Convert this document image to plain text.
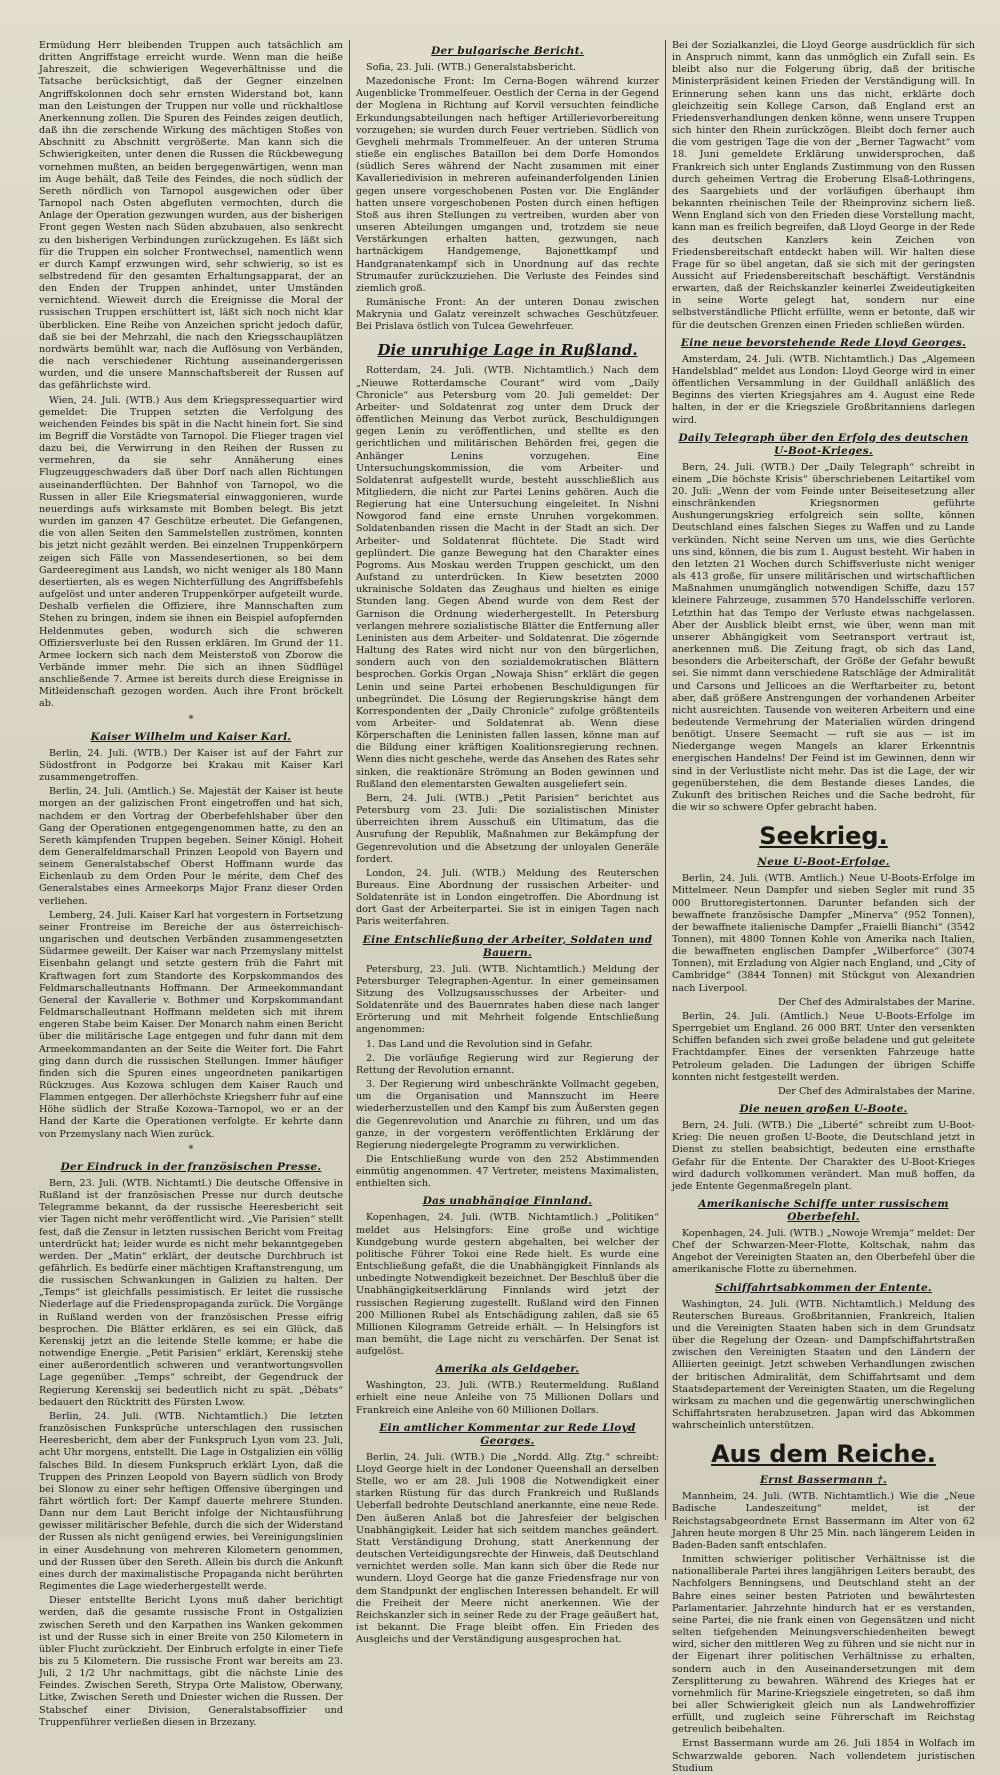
Ermüdung Herr bleibenden Truppen auch tatsächlich am dritten Angriffstage erreicht wurde. Wenn man die heiße Jahreszeit, die schwierigen Wegeverhältnisse und die Tatsache berücksichtigt, daß der Gegner einzelnen Angriffskolonnen doch sehr ernsten Widerstand bot, kann man den Leistungen der Truppen nur volle und rückhaltlose Anerkennung zollen. Die Spuren des Feindes zeigen deutlich, daß ihn die zerschende Wirkung des mächtigen Stoßes von Abschnitt zu Abschnitt vergrößerte. Man kann sich die Schwierigkeiten, unter denen die Russen die Rückbewegung vornehmen mußten, an beiden bergegenwärtigen, wenn man im Auge behält, daß Teile des Feindes, die noch südlich der Sereth nördlich von Tarnopol ausgewichen oder über Tarnopol nach Osten abgefluten vermochten, durch die Anlage der Operation gezwungen wurden, aus der bisherigen Front gegen Westen nach Süden abzubauen, also senkrecht zu den bisherigen Verbindungen zurückzugehen. Es läßt sich für die Truppen ein solcher Frontwechsel, namentlich wenn er durch Kampf erzwungen wird, sehr schwierig, so ist es selbstredend für den gesamten Erhaltungsapparat, der an den Enden der Truppen anhindet, unter Umständen vernichtend. Wieweit durch die Ereignisse die Moral der russischen Truppen erschüttert ist, läßt sich noch nicht klar überblicken. Eine Reihe von Anzeichen spricht jedoch dafür, daß sie bei der Mehrzahl, die nach den Kriegsschauplätzen nordwärts bemühlt war, nach die Auflösung von Verbänden, die nach verschiedener Richtung auseinandergerissen wurden, und die unsere Mannschaftsbereit der Russen auf das gefährlichste wird.

Wien, 24. Juli. (WTB.) Aus dem Kriegspressequartier wird gemeldet: Die Truppen setzten die Verfolgung des weichenden Feindes bis spät in die Nacht hinein fort. Sie sind im Begriff die Vorstädte von Tarnopol. Die Flieger tragen viel dazu bei, die Verwirrung in den Reihen der Russen zu vermehren, da sie sehr Annäherung eines Flugzeuggeschwaders daß über Dorf nach allen Richtungen auseinanderflüchten. Der Bahnhof von Tarnopol, wo die Russen in aller Eile Kriegsmaterial einwaggonieren, wurde neuerdings aufs wirksamste mit Bomben belegt. Bis jetzt wurden im ganzen 47 Geschütze erbeutet. Die Gefangenen, die von allen Seiten den Sammelstellen zuströmen, konnten bis jetzt nicht gezählt werden. Bei einzelnen Truppenkörpern zeigen sich Fälle von Massendesertionen, so bei dem Gardeeregiment aus Landsh, wo nicht weniger als 180 Mann desertierten, als es wegen Nichterfüllung des Angriffsbefehls aufgelöst und unter anderen Truppenkörper aufgeteilt wurde. Deshalb verfielen die Offiziere, ihre Mannschaften zum Stehen zu bringen, indem sie ihnen ein Beispiel aufopfernden Heldenmutes geben, wodurch sich die schweren Offiziersverluste bei den Russen erklären. Im Grund der 11. Armee lockern sich nach dem Meisterstoß von Zborow die Verbände immer mehr. Die sich an ihnen Südflügel anschließende 7. Armee ist bereits durch diese Ereignisse in Mitleidenschaft gezogen worden. Auch ihre Front bröckelt ab.

*
Kaiser Wilhelm und Kaiser Karl.

Berlin, 24. Juli. (WTB.) Der Kaiser ist auf der Fahrt zur Südostfront in Podgorze bei Krakau mit Kaiser Karl zusammengetroffen.

Berlin, 24. Juli. (Amtlich.) Se. Majestät der Kaiser ist heute morgen an der galizischen Front eingetroffen und hat sich, nachdem er den Vortrag der Oberbefehlshaber über den Gang der Operationen entgegengenommen hatte, zu den an Sereth kämpfenden Truppen begeben. Seiner Königl. Hoheit dem Generalfeldmarschall Prinzen Leopold von Bayern und seinem Generalstabschef Oberst Hoffmann wurde das Eichenlaub zu dem Orden Pour le mérite, dem Chef des Generalstabes eines Armeekorps Major Franz dieser Orden verliehen.

Lemberg, 24. Juli. Kaiser Karl hat vorgestern in Fortsetzung seiner Frontreise im Bereiche der aus österreichisch-ungarischen und deutschen Verbänden zusammengesetzten Südarmee geweilt. Der Kaiser war nach Przemyslany mittelst Eisenbahn gelangt und setzte gestern früh die Fahrt mit Kraftwagen fort zum Standorte des Korpskommandos des Feldmarschalleutnants Hoffmann. Der Armeekommandant General der Kavallerie v. Bothmer und Korpskommandant Feldmarschalleutnant Hoffmann meldeten sich mit ihrem engeren Stabe beim Kaiser. Der Monarch nahm einen Bericht über die militärische Lage entgegen und fuhr dann mit dem Armeekommandanten an der Seite die Weiter fort. Die Fahrt ging dann durch die russischen Stellungen. Immer häufiger finden sich die Spuren eines ungeordneten panikartigen Rückzuges. Aus Kozowa schlugen dem Kaiser Rauch und Flammen entgegen. Der allerhöchste Kriegsherr fuhr auf eine Höhe südlich der Straße Kozowa–Tarnopol, wo er an der Hand der Karte die Operationen verfolgte. Er kehrte dann von Przemyslany nach Wien zurück.

*
Der Eindruck in der französischen Presse.

Bern, 23. Juli. (WTB. Nichtamtl.) Die deutsche Offensive in Rußland ist der französischen Presse nur durch deutsche Telegramme bekannt, da der russische Heeresbericht seit vier Tagen nicht mehr veröffentlicht wird. „Vie Parisien“ stellt fest, daß die Zensur in letzten russischen Bericht vom Freitag unterdrückt hat; leider wurde es nicht mehr bekanntgegeben werden. Der „Matin“ erklärt, der deutsche Durchbruch ist gefährlich. Es bedürfe einer mächtigen Kraftanstrengung, um die russischen Schwankungen in Galizien zu halten. Der „Temps“ ist gleichfalls pessimistisch. Er leitet die russische Niederlage auf die Friedenspropaganda zurück. Die Vorgänge in Rußland werden von der französischen Presse eifrig besprochen. Die Blätter erklären, es sei ein Glück, daß Kerenskij jetzt an die leitende Stelle komme; er habe die notwendige Energie. „Petit Parisien“ erklärt, Kerenskij stehe einer außerordentlich schweren und verantwortungsvollen Lage gegenüber. „Temps“ schreibt, der Gegendruck der Regierung Kerenskij sei bedeutlich nicht zu spät. „Débats“ bedauert den Rücktritt des Fürsten Lwow.

Berlin, 24. Juli. (WTB. Nichtamtlich.) Die letzten französischen Funksprüche unterschlagen den russischen Heeresbericht, dem aber der Funkspruch Lyon vom 23. Juli, acht Uhr morgens, entstellt. Die Lage in Ostgalizien ein völlig falsches Bild. In diesem Funkspruch erklärt Lyon, daß die Truppen des Prinzen Leopold von Bayern südlich von Brody bei Slonow zu einer sehr heftigen Offensive übergingen und fährt wörtlich fort: Der Kampf dauerte mehrere Stunden. Dann nur dem Laut Bericht infolge der Nichtausführung gewisser militärischer Befehle, durch die sich der Widerstand der Russen als nicht genügend erwies, bei Vereinigungslinien in einer Ausdehnung von mehreren Kilometern genommen, und der Russen über den Sereth. Allein bis durch die Ankunft eines durch der maximalistische Propaganda nicht berührten Regimentes die Lage wiederhergestellt werde.

Dieser entstellte Bericht Lyons muß daher berichtigt werden, daß die gesamte russische Front in Ostgalizien zwischen Sereth und den Karpathen ins Wanken gekommen ist und der Russe sich in einer Breite von 250 Kilometern in übler Flucht zurückzieht. Der Einbruch erfolgte in einer Tiefe bis zu 5 Kilometern. Die russische Front war bereits am 23. Juli, 2 1/2 Uhr nachmittags, gibt die nächste Linie des Feindes. Zwischen Sereth, Strypa Orte Malistow, Oberwany, Litke, Zwischen Sereth und Dniester wichen die Russen. Der Stabschef einer Division, Generalstabsoffizier und Truppenführer verließen diesen in Brzezany.

Der bulgarische Bericht.

Sofia, 23. Juli. (WTB.) Generalstabsbericht.

Mazedonische Front: Im Cerna-Bogen während kurzer Augenblicke Trommelfeuer. Oestlich der Cerna in der Gegend der Moglena in Richtung auf Korvil versuchten feindliche Erkundungsabteilungen nach heftiger Artillerievorbereitung vorzugehen; sie wurden durch Feuer vertrieben. Südlich von Gevgheli mehrmals Trommelfeuer. An der unteren Struma stieße ein englisches Bataillon bei dem Dorfe Homondos (südlich Seres während der Nacht zusammen mit einer Kavalleriedivision in mehreren aufeinanderfolgenden Linien gegen unsere vorgeschobenen Posten vor. Die Engländer hatten unsere vorgeschobenen Posten durch einen heftigen Stoß aus ihren Stellungen zu vertreiben, wurden aber von unseren Abteilungen umgangen und, trotzdem sie neue Verstärkungen erhalten hatten, gezwungen, nach hartnäckigem Handgemenge, Bajonettkampf und Handgranatenkampf sich in Unordnung auf das rechte Strumaufer zurückzuziehen. Die Verluste des Feindes sind ziemlich groß.

Rumänische Front: An der unteren Donau zwischen Makrynia und Galatz vereinzelt schwaches Geschützfeuer. Bei Prislava östlich von Tulcea Gewehrfeuer.

Die unruhige Lage in Rußland.

Rotterdam, 24. Juli. (WTB. Nichtamtlich.) Nach dem „Nieuwe Rotterdamsche Courant“ wird vom „Daily Chronicle“ aus Petersburg vom 20. Juli gemeldet: Der Arbeiter- und Soldatenrat zog unter dem Druck der öffentlichen Meinung das Verbot zurück, Beschuldigungen gegen Lenin zu veröffentlichen, und stellte es den gerichtlichen und militärischen Behörden frei, gegen die Anhänger Lenins vorzugehen. Eine Untersuchungskommission, die vom Arbeiter- und Soldatenrat aufgestellt wurde, besteht ausschließlich aus Mitgliedern, die nicht zur Partei Lenins gehören. Auch die Regierung hat eine Untersuchung eingeleitet. In Nishni Nowgorod fand eine ernste Unruhen vorgekommen. Soldatenbanden rissen die Macht in der Stadt an sich. Der Arbeiter- und Soldatenrat flüchtete. Die Stadt wird geplündert. Die ganze Bewegung hat den Charakter eines Pogroms. Aus Moskau werden Truppen geschickt, um den Aufstand zu unterdrücken. In Kiew besetzten 2000 ukrainische Soldaten das Zeughaus und hielten es einige Stunden lang. Gegen Abend wurde von dem Rest der Garnison die Ordnung wiederhergestellt. In Petersburg verlangen mehrere sozialistische Blätter die Entfernung aller Leninisten aus dem Arbeiter- und Soldatenrat. Die zögernde Haltung des Rates wird nicht nur von den bürgerlichen, sondern auch von den sozialdemokratischen Blättern besprochen. Gorkis Organ „Nowaja Shisn“ erklärt die gegen Lenin und seine Partei erhobenen Beschuldigungen für unbegründet. Die Lösung der Regierungskrise hängt dem Korrespondenten der „Daily Chronicle“ zufolge größtenteils vom Arbeiter- und Soldatenrat ab. Wenn diese Körperschaften die Leninisten fallen lassen, könne man auf die Bildung einer kräftigen Koalitionsregierung rechnen. Wenn dies nicht geschehe, werde das Ansehen des Rates sehr sinken, die reaktionäre Strömung an Boden gewinnen und Rußland den elementarsten Gewalten ausgeliefert sein.

Bern, 24. Juli. (WTB.) „Petit Parisien“ berichtet aus Petersburg vom 23. Juli: Die sozialistischen Minister überreichten ihrem Ausschuß ein Ultimatum, das die Ausrufung der Republik, Maßnahmen zur Bekämpfung der Gegenrevolution und die Absetzung der unloyalen Generäle fordert.

London, 24. Juli. (WTB.) Meldung des Reuterschen Bureaus. Eine Abordnung der russischen Arbeiter- und Soldatenräte ist in London eingetroffen. Die Abordnung ist dort Gast der Arbeiterpartei. Sie ist in einigen Tagen nach Paris weiterfahren.

Eine Entschließung der Arbeiter, Soldaten und Bauern.

Petersburg, 23. Juli. (WTB. Nichtamtlich.) Meldung der Petersburger Telegraphen-Agentur. In einer gemeinsamen Sitzung des Vollzugsausschusses der Arbeiter- und Soldatenräte und des Bauernrates haben diese nach langer Erörterung und mit Mehrheit folgende Entschließung angenommen:

1. Das Land und die Revolution sind in Gefahr.

2. Die vorläufige Regierung wird zur Regierung der Rettung der Revolution ernannt.

3. Der Regierung wird unbeschränkte Vollmacht gegeben, um die Organisation und Mannszucht im Heere wiederherzustellen und den Kampf bis zum Äußersten gegen die Gegenrevolution und Anarchie zu führen, und um das ganze, in der vorgestern veröffentlichten Erklärung der Regierung niedergelegte Programm zu verwirklichen.

Die Entschließung wurde von den 252 Abstimmenden einmütig angenommen. 47 Vertreter, meistens Maximalisten, enthielten sich.

Das unabhängige Finnland.

Kopenhagen, 24. Juli. (WTB. Nichtamtlich.) „Politiken“ meldet aus Helsingfors: Eine große und wichtige Kundgebung wurde gestern abgehalten, bei welcher der politische Führer Tokoi eine Rede hielt. Es wurde eine Entschließung gefaßt, die die Unabhängigkeit Finnlands als unbedingte Notwendigkeit bezeichnet. Der Beschluß über die Unabhängigkeitserklärung Finnlands wird jetzt der russischen Regierung zugestellt. Rußland wird den Finnen 200 Millionen Rubel als Entschädigung zahlen, daß sie 65 Millionen Kilogramm Getreide erhält. — In Helsingfors ist man bemüht, die Lage nicht zu verschärfen. Der Senat ist aufgelöst.

Amerika als Geldgeber.

Washington, 23. Juli. (WTB.) Reutermeldung. Rußland erhielt eine neue Anleihe von 75 Millionen Dollars und Frankreich eine Anleihe von 60 Millionen Dollars.

Ein amtlicher Kommentar zur Rede Lloyd Georges.

Berlin, 24. Juli. (WTB.) Die „Nordd. Allg. Ztg.“ schreibt: Lloyd George hielt in der Londoner Queenshall an derselben Stelle, wo er am 28. Juli 1908 die Notwendigkeit einer starken Rüstung für das durch Frankreich und Rußlands Ueberfall bedrohte Deutschland anerkannte, eine neue Rede. Den äußeren Anlaß bot die Jahresfeier der belgischen Unabhängigkeit. Leider hat sich seitdem manches geändert. Statt Verständigung Drohung, statt Anerkennung der deutschen Verteidigungsrechte der Hinweis, daß Deutschland vernichtet werden solle. Man kann sich über die Rede nur wundern. Lloyd George hat die ganze Friedensfrage nur von dem Standpunkt der englischen Interessen behandelt. Er will die Freiheit der Meere nicht anerkennen. Wie der Reichskanzler sich in seiner Rede zu der Frage geäußert hat, ist bekannt. Die Frage bleibt offen. Ein Frieden des Ausgleichs und der Verständigung ausgesprochen hat.

Bei der Sozialkanzlei, die Lloyd George ausdrücklich für sich in Anspruch nimmt, kann das unmöglich ein Zufall sein. Es bleibt also nur die Folgerung übrig, daß der britische Ministerpräsident keinen Frieden der Verständigung will. In Erinnerung sehen kann uns das nicht, erklärte doch gleichzeitig sein Kollege Carson, daß England erst an Friedensverhandlungen denken könne, wenn unsere Truppen sich hinter den Rhein zurückzögen. Bleibt doch ferner auch die vom gestrigen Tage die von der „Berner Tagwacht“ vom 18. Juni gemeldete Erklärung unwidersprochen, daß Frankreich sich unter Englands Zustimmung von den Russen durch geheimen Vertrag die Eroberung Elsaß-Lothringens, des Saargebiets und der vorläufigen überhaupt ihm bekannten rheinischen Teile der Rheinprovinz sichern ließ. Wenn England sich von den Frieden diese Vorstellung macht, kann man es freilich begreifen, daß Lloyd George in der Rede des deutschen Kanzlers kein Zeichen von Friedensbereitschaft entdeckt haben will. Wir halten diese Frage für so übel angetan, daß sie sich mit der geringsten Aussicht auf Friedensbereitschaft beschäftigt. Verständnis erwarten, daß der Reichskanzler keinerlei Zweideutigkeiten in seine Worte gelegt hat, sondern nur eine selbstverständliche Pflicht erfüllte, wenn er betonte, daß wir für die deutschen Grenzen einen Frieden schließen würden.

Eine neue bevorstehende Rede Lloyd Georges.

Amsterdam, 24. Juli. (WTB. Nichtamtlich.) Das „Algemeen Handelsblad“ meldet aus London: Lloyd George wird in einer öffentlichen Versammlung in der Guildhall anläßlich des Beginns des vierten Kriegsjahres am 4. August eine Rede halten, in der er die Kriegsziele Großbritanniens darlegen wird.

Daily Telegraph über den Erfolg des deutschen U-Boot-Krieges.

Bern, 24. Juli. (WTB.) Der „Daily Telegraph“ schreibt in einem „Die höchste Krisis“ überschriebenen Leitartikel vom 20. Juli: „Wenn der vom Feinde unter Beiseitesetzung aller einschränkenden Kriegsnormen geführte Aushungerungskrieg erfolgreich sein sollte, können Deutschland eines falschen Sieges zu Waffen und zu Lande verkünden. Nicht seine Nerven um uns, wie dies Gerüchte uns sind, können, die bis zum 1. August besteht. Wir haben in den letzten 21 Wochen durch Schiffsverluste nicht weniger als 413 große, für unsere militärischen und wirtschaftlichen Maßnahmen unumgänglich notwendigen Schiffe, dazu 157 kleinere Fahrzeuge, zusammen 570 Handelsschiffe verloren. Letzthin hat das Tempo der Verluste etwas nachgelassen. Aber der Ausblick bleibt ernst, wie über, wenn man mit unserer Abhängigkeit vom Seetransport vertraut ist, anerkennen muß. Die Zeitung fragt, ob sich das Land, besonders die Arbeiterschaft, der Größe der Gefahr bewußt sei. Sie nimmt dann verschiedene Ratschläge der Admiralität und Carsons und Jellicoes an die Werftarbeiter zu, betont aber, daß größere Anstrengungen der vorhandenen Arbeiter nicht ausreichten. Tausende von weiteren Arbeitern und eine bedeutende Vermehrung der Materialien würden dringend benötigt. Unsere Seemacht — ruft sie aus — ist im Niedergange wegen Mangels an klarer Erkenntnis energischen Handelns! Der Feind ist im Gewinnen, denn wir sind in der Verlustliste nicht mehr. Das ist die Lage, der wir gegenüberstehen, die dem Bestande dieses Landes, die Zukunft des britischen Reiches und die Sache bedroht, für die wir so schwere Opfer gebracht haben.

Seekrieg.
Neue U-Boot-Erfolge.

Berlin, 24. Juli. (WTB. Amtlich.) Neue U-Boots-Erfolge im Mittelmeer. Neun Dampfer und sieben Segler mit rund 35 000 Bruttoregistertonnen. Darunter befanden sich der bewaffnete französische Dampfer „Minerva“ (952 Tonnen), der bewaffnete italienische Dampfer „Fraielli Bianchi“ (3542 Tonnen), mit 4800 Tonnen Kohle von Amerika nach Italien, die bewaffneten englischen Dampfer „Wilberforce“ (3074 Tonnen), mit Erzladung von Algier nach England, und „City of Cambridge“ (3844 Tonnen) mit Stückgut von Alexandrien nach Liverpool.

Der Chef des Admiralstabes der Marine.

Berlin, 24. Juli. (Amtlich.) Neue U-Boots-Erfolge im Sperrgebiet um England. 26 000 BRT. Unter den versenkten Schiffen befanden sich zwei große beladene und gut geleitete Frachtdampfer. Eines der versenkten Fahrzeuge hatte Petroleum geladen. Die Ladungen der übrigen Schiffe konnten nicht festgestellt werden.

Der Chef des Admiralstabes der Marine.

Die neuen großen U-Boote.

Bern, 24. Juli. (WTB.) Die „Liberté“ schreibt zum U-Boot-Krieg: Die neuen großen U-Boote, die Deutschland jetzt in Dienst zu stellen beabsichtigt, bedeuten eine ernsthafte Gefahr für die Entente. Der Charakter des U-Boot-Krieges wird dadurch vollkommen verändert. Man muß hoffen, da jede Entente Gegenmaßregeln plant.

Amerikanische Schiffe unter russischem Oberbefehl.

Kopenhagen, 24. Juli. (WTB.) „Nowoje Wremja“ meldet: Der Chef der Schwarzen-Meer-Flotte, Koltschak, nahm das Angebot der Vereinigten Staaten an, den Oberbefehl über die amerikanische Flotte zu übernehmen.

Schiffahrtsabkommen der Entente.

Washington, 24. Juli. (WTB. Nichtamtlich.) Meldung des Reuterschen Bureaus. Großbritannien, Frankreich, Italien und die Vereinigten Staaten haben sich in dem Grundsatz über die Regelung der Ozean- und Dampfschiffahrtstraßen zwischen den Vereinigten Staaten und den Ländern der Alliierten geeinigt. Jetzt schweben Verhandlungen zwischen der britischen Admiralität, dem Schiffahrtsamt und dem Staatsdepartement der Vereinigten Staaten, um die Regelung wirksam zu machen und die gegenwärtig unerschwinglichen Schiffahrtsraten herabzusetzen. Japan wird das Abkommen wahrscheinlich unterstützen.

Aus dem Reiche.
Ernst Bassermann †.

Mannheim, 24. Juli. (WTB. Nichtamtlich.) Wie die „Neue Badische Landeszeitung“ meldet, ist der Reichstagsabgeordnete Ernst Bassermann im Alter von 62 Jahren heute morgen 8 Uhr 25 Min. nach längerem Leiden in Baden-Baden sanft entschlafen.

Inmitten schwieriger politischer Verhältnisse ist die nationalliberale Partei ihres langjährigen Leiters beraubt, des Nachfolgers Benningsens, und Deutschland steht an der Bahre eines seiner besten Patrioten und bewährtesten Parlamentarier. Jahrzehnte hindurch hat er es verstanden, seine Partei, die nie frank einen von Gegensätzen und nicht selten tiefgehenden Meinungsverschiedenheiten bewegt wird, sicher den mittleren Weg zu führen und sie nicht nur in der Eigenart ihrer politischen Verhältnisse zu erhalten, sondern auch in den Auseinandersetzungen mit dem Zersplitterung zu bewahren. Während des Krieges hat er vornehmlich für Marine-Kriegsziele eingetreten, so daß ihm bei aller Schwierigkeit gleich nun als Landwehroffizier erfüllt, und zugleich seine Führerschaft im Reichstag getreulich beibehalten.

Ernst Bassermann wurde am 26. Juli 1854 in Wolfach im Schwarzwalde geboren. Nach vollendetem juristischen Studium
